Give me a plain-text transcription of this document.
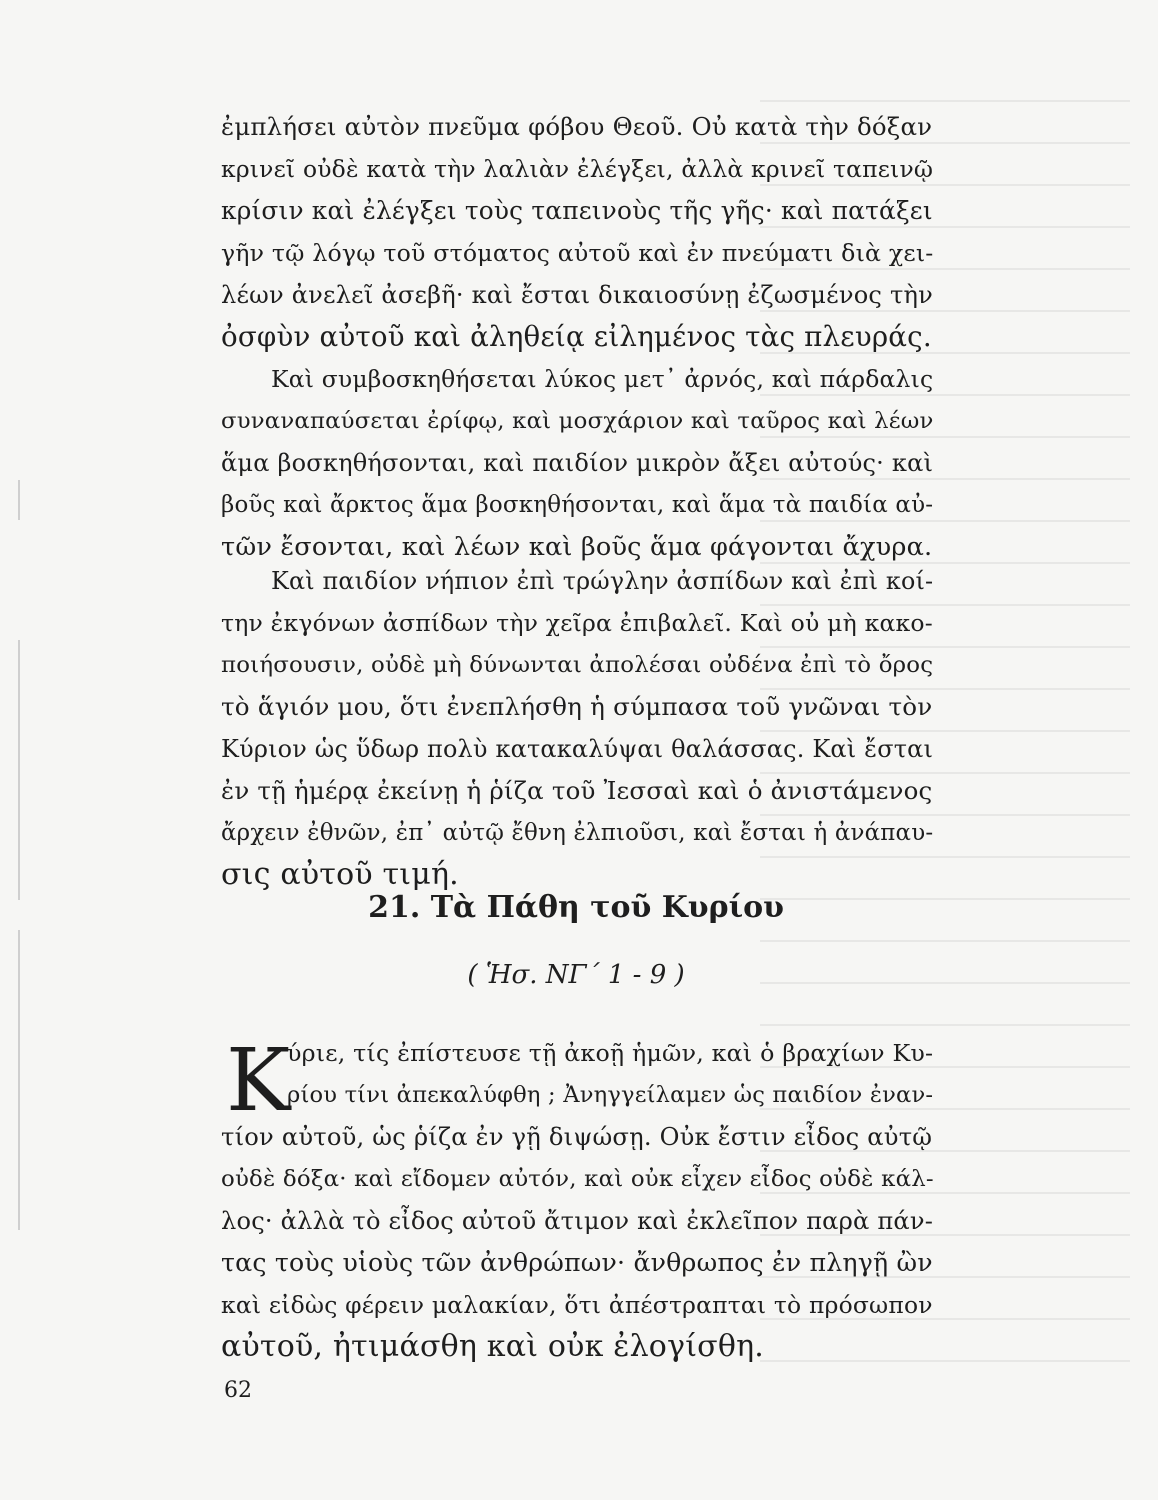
ἐμπλήσει αὐτὸν πνεῦμα φόβου Θεοῦ. Οὐ κατὰ τὴν δόξαν
κρινεῖ οὐδὲ κατὰ τὴν λαλιὰν ἐλέγξει, ἀλλὰ κρινεῖ ταπεινῷ
κρίσιν καὶ ἐλέγξει τοὺς ταπεινοὺς τῆς γῆς· καὶ πατάξει
γῆν τῷ λόγῳ τοῦ στόματος αὐτοῦ καὶ ἐν πνεύματι διὰ χει-
λέων ἀνελεῖ ἀσεβῆ· καὶ ἔσται δικαιοσύνῃ ἐζωσμένος τὴν
ὀσφὺν αὐτοῦ καὶ ἀληθείᾳ εἰλημένος τὰς πλευράς.
Καὶ συμβοσκηθήσεται λύκος μετ᾿ ἀρνός, καὶ πάρδαλις
συναναπαύσεται ἐρίφῳ, καὶ μοσχάριον καὶ ταῦρος καὶ λέων
ἅμα βοσκηθήσονται, καὶ παιδίον μικρὸν ἄξει αὐτούς· καὶ
βοῦς καὶ ἄρκτος ἅμα βοσκηθήσονται, καὶ ἅμα τὰ παιδία αὐ-
τῶν ἔσονται, καὶ λέων καὶ βοῦς ἅμα φάγονται ἄχυρα.
Καὶ παιδίον νήπιον ἐπὶ τρώγλην ἀσπίδων καὶ ἐπὶ κοί-
την ἐκγόνων ἀσπίδων τὴν χεῖρα ἐπιβαλεῖ. Καὶ οὐ μὴ κακο-
ποιήσουσιν, οὐδὲ μὴ δύνωνται ἀπολέσαι οὐδένα ἐπὶ τὸ ὄρος
τὸ ἅγιόν μου, ὅτι ἐνεπλήσθη ἡ σύμπασα τοῦ γνῶναι τὸν
Κύριον ὡς ὕδωρ πολὺ κατακαλύψαι θαλάσσας. Καὶ ἔσται
ἐν τῇ ἡμέρᾳ ἐκείνῃ ἡ ῥίζα τοῦ Ἰεσσαὶ καὶ ὁ ἀνιστάμενος
ἄρχειν ἐθνῶν, ἐπ᾿ αὐτῷ ἔθνη ἐλπιοῦσι, καὶ ἔσται ἡ ἀνάπαυ-
σις αὐτοῦ τιμή.
21. Τὰ Πάθη τοῦ Κυρίου
( Ἡσ. ΝΓ΄ 1 - 9 )
Κ
ύριε, τίς ἐπίστευσε τῇ ἀκοῇ ἡμῶν, καὶ ὁ βραχίων Κυ-
ρίου τίνι ἀπεκαλύφθη ; Ἀνηγγείλαμεν ὡς παιδίον ἐναν-
τίον αὐτοῦ, ὡς ῥίζα ἐν γῇ διψώσῃ. Οὐκ ἔστιν εἶδος αὐτῷ
οὐδὲ δόξα· καὶ εἴδομεν αὐτόν, καὶ οὐκ εἶχεν εἶδος οὐδὲ κάλ-
λος· ἀλλὰ τὸ εἶδος αὐτοῦ ἄτιμον καὶ ἐκλεῖπον παρὰ πάν-
τας τοὺς υἱοὺς τῶν ἀνθρώπων· ἄνθρωπος ἐν πληγῇ ὢν
καὶ εἰδὼς φέρειν μαλακίαν, ὅτι ἀπέστραπται τὸ πρόσωπον
αὐτοῦ, ἠτιμάσθη καὶ οὐκ ἐλογίσθη.
62
